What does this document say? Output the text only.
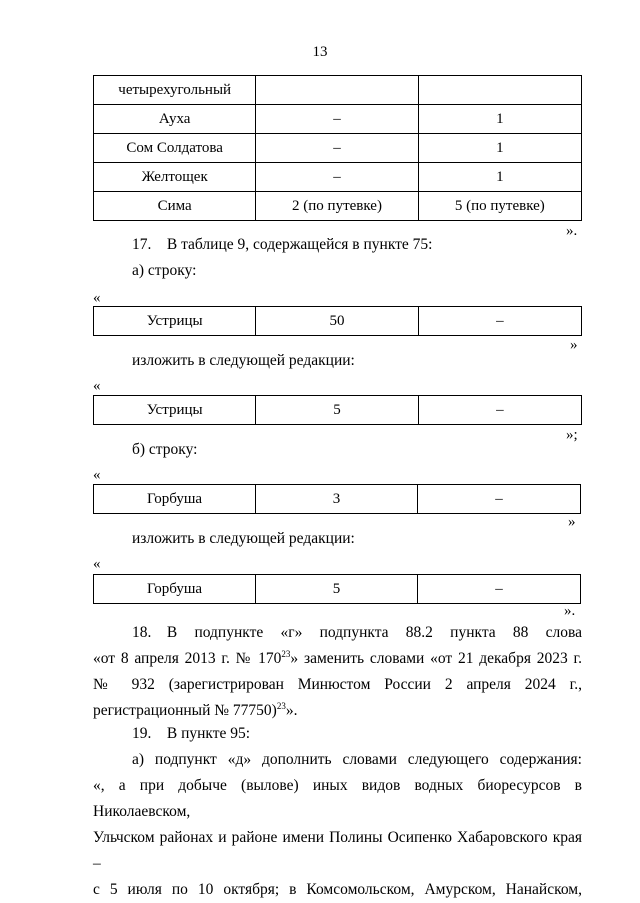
13
четырехугольный		
Ауха	–	1
Сом Солдатова	–	1
Желтощек	–	1
Сима	2 (по путевке)	5 (по путевке)
».
17. В таблице 9, содержащейся в пункте 75:
а) строку:
«
Устрицы	50	–
»
изложить в следующей редакции:
«
Устрицы	5	–
»;
б) строку:
«
Горбуша	3	–
»
изложить в следующей редакции:
«
Горбуша	5	–
».
18. В подпункте «г» подпункта 88.2 пункта 88 слова
«от 8 апреля 2013 г. № $170^{23}$» заменить словами «от 21 декабря 2023 г.
№ 932 (зарегистрирован Минюстом России 2 апреля 2024 г.,
регистрационный № 77750)$^{23}$».
19. В пункте 95:
а) подпункт «д» дополнить словами следующего содержания:
«, а при добыче (вылове) иных видов водных биоресурсов в Николаевском,
Ульчском районах и районе имени Полины Осипенко Хабаровского края –
с 5 июля по 10 октября; в Комсомольском, Амурском, Нанайском,
